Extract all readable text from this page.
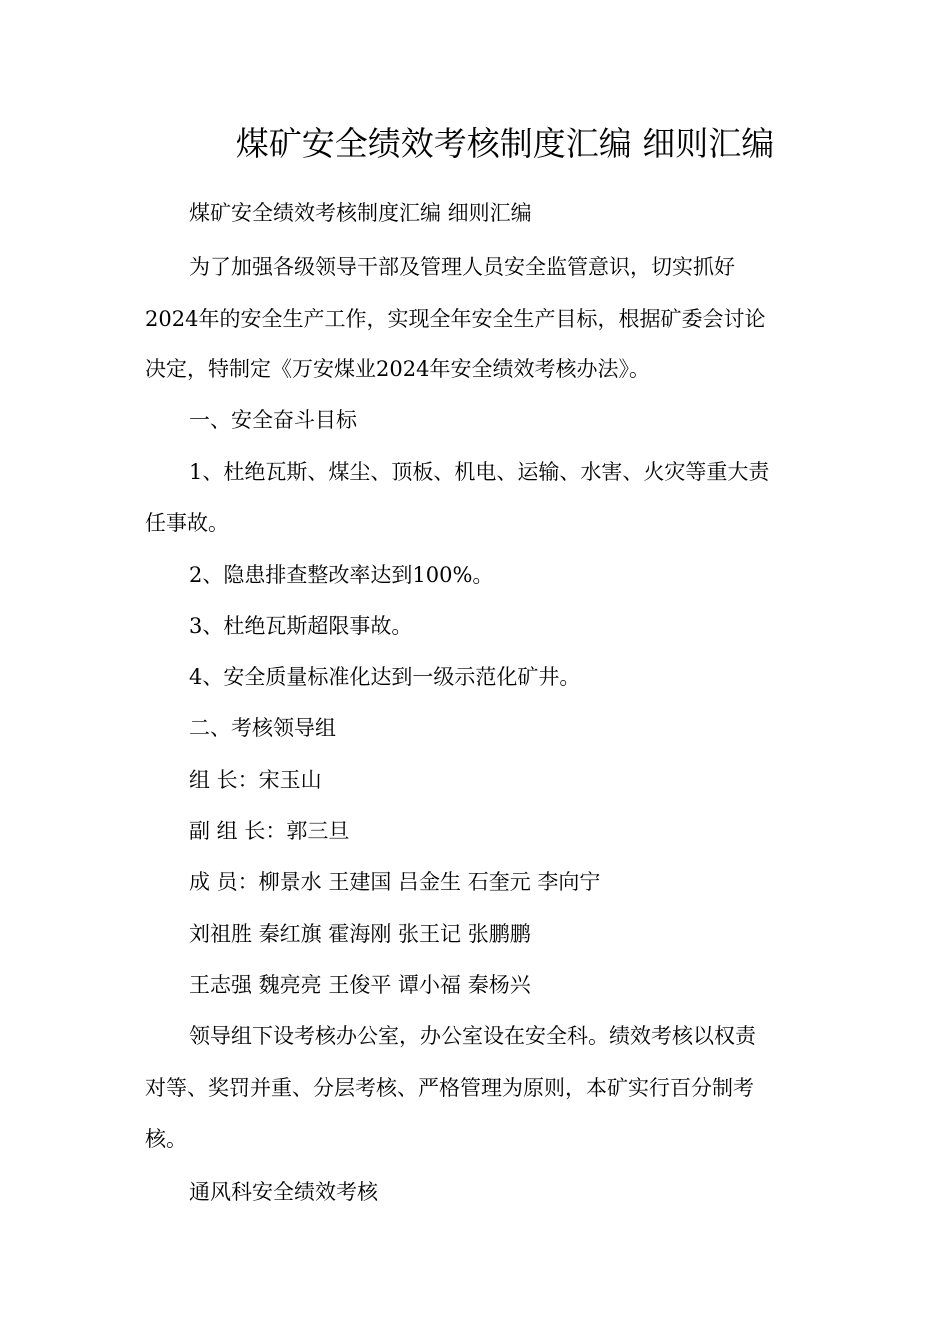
煤矿安全绩效考核制度汇编 细则汇编
煤矿安全绩效考核制度汇编 细则汇编
为了加强各级领导干部及管理人员安全监管意识，切实抓好
2024年的安全生产工作，实现全年安全生产目标，根据矿委会讨论
决定，特制定《万安煤业2024年安全绩效考核办法》。
一、安全奋斗目标
1、杜绝瓦斯、煤尘、顶板、机电、运输、水害、火灾等重大责
任事故。
2、隐患排查整改率达到100%。
3、杜绝瓦斯超限事故。
4、安全质量标准化达到一级示范化矿井。
二、考核领导组
组 长：宋玉山
副 组 长：郭三旦
成 员：柳景水 王建国 吕金生 石奎元 李向宁
刘祖胜 秦红旗 霍海刚 张王记 张鹏鹏
王志强 魏亮亮 王俊平 谭小福 秦杨兴
领导组下设考核办公室，办公室设在安全科。绩效考核以权责
对等、奖罚并重、分层考核、严格管理为原则，本矿实行百分制考
核。
通风科安全绩效考核
